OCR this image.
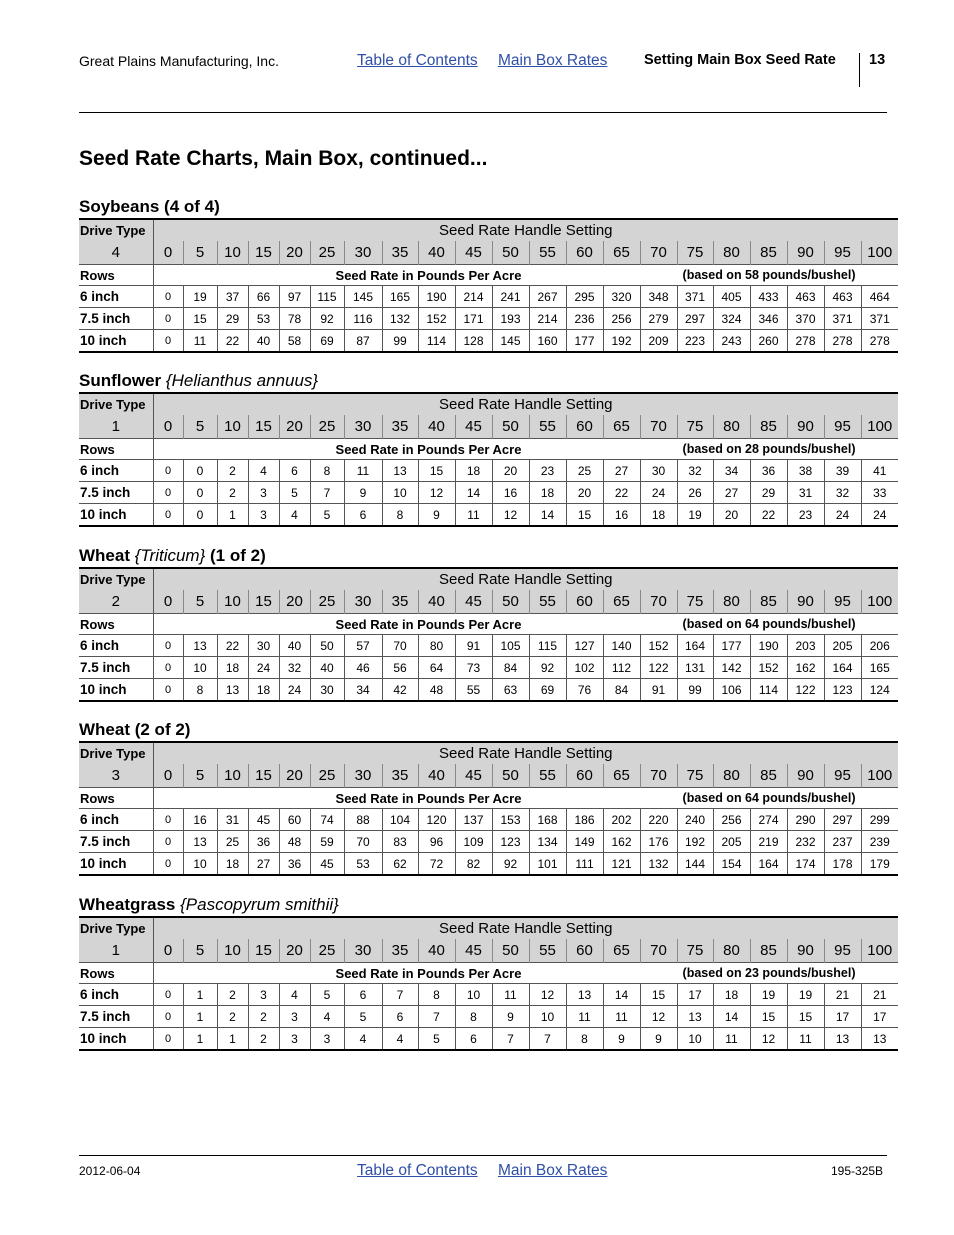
Great Plains Manufacturing, Inc.	Table of Contents Main Box Rates	Setting Main Box Seed Rate 13
Seed Rate Charts, Main Box, continued...
Soybeans (4 of 4)
Drive Type	Seed Rate Handle Setting																				
4	0	5	10	15	20	25	30	35	40	45	50	55	60	65	70	75	80	85	90	95	100
Rows			Seed Rate in Pounds Per Acre												(based on 58 pounds/bushel)						
6 inch	0	19	37	66	97	115	145	165	190	214	241	267	295	320	348	371	405	433	463	463	464
7.5 inch	0	15	29	53	78	92	116	132	152	171	193	214	236	256	279	297	324	346	370	371	371
10 inch	0	11	22	40	58	69	87	99	114	128	145	160	177	192	209	223	243	260	278	278	278
Sunflower {Helianthus annuus}
Drive Type	Seed Rate Handle Setting																				
1	0	5	10	15	20	25	30	35	40	45	50	55	60	65	70	75	80	85	90	95	100
Rows			Seed Rate in Pounds Per Acre												(based on 28 pounds/bushel)						
6 inch	0	0	2	4	6	8	11	13	15	18	20	23	25	27	30	32	34	36	38	39	41
7.5 inch	0	0	2	3	5	7	9	10	12	14	16	18	20	22	24	26	27	29	31	32	33
10 inch	0	0	1	3	4	5	6	8	9	11	12	14	15	16	18	19	20	22	23	24	24
Wheat {Triticum} (1 of 2)
Drive Type	Seed Rate Handle Setting																				
2	0	5	10	15	20	25	30	35	40	45	50	55	60	65	70	75	80	85	90	95	100
Rows			Seed Rate in Pounds Per Acre												(based on 64 pounds/bushel)						
6 inch	0	13	22	30	40	50	57	70	80	91	105	115	127	140	152	164	177	190	203	205	206
7.5 inch	0	10	18	24	32	40	46	56	64	73	84	92	102	112	122	131	142	152	162	164	165
10 inch	0	8	13	18	24	30	34	42	48	55	63	69	76	84	91	99	106	114	122	123	124
Wheat (2 of 2)
Drive Type	Seed Rate Handle Setting																				
3	0	5	10	15	20	25	30	35	40	45	50	55	60	65	70	75	80	85	90	95	100
Rows			Seed Rate in Pounds Per Acre												(based on 64 pounds/bushel)						
6 inch	0	16	31	45	60	74	88	104	120	137	153	168	186	202	220	240	256	274	290	297	299
7.5 inch	0	13	25	36	48	59	70	83	96	109	123	134	149	162	176	192	205	219	232	237	239
10 inch	0	10	18	27	36	45	53	62	72	82	92	101	111	121	132	144	154	164	174	178	179
Wheatgrass {Pascopyrum smithii}
Drive Type	Seed Rate Handle Setting																				
1	0	5	10	15	20	25	30	35	40	45	50	55	60	65	70	75	80	85	90	95	100
Rows			Seed Rate in Pounds Per Acre												(based on 23 pounds/bushel)						
6 inch	0	1	2	3	4	5	6	7	8	10	11	12	13	14	15	17	18	19	19	21	21
7.5 inch	0	1	2	2	3	4	5	6	7	8	9	10	11	11	12	13	14	15	15	17	17
10 inch	0	1	1	2	3	3	4	4	5	6	7	7	8	9	9	10	11	12	11	13	13
2012-06-04	Table of Contents Main Box Rates	195-325B
